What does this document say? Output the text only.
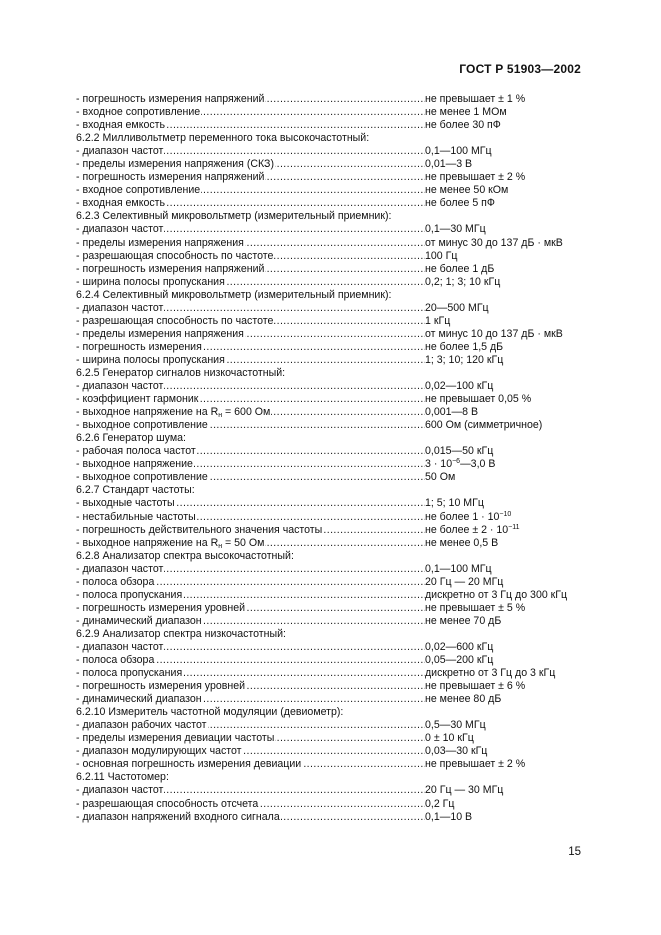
ГОСТ Р 51903—2002
- погрешность измерения напряжений .....	не превышает ± 1 %
- входное сопротивление .....	не менее 1 МОм
- входная емкость .....	не более 30 пФ
6.2.2 Милливольтметр переменного тока высокочастотный:
- диапазон частот .....	0,1—100 МГц
- пределы измерения напряжения (СКЗ) .....	0,01—3 В
- погрешность измерения напряжений .....	не превышает ± 2 %
- входное сопротивление .....	не менее 50 кОм
- входная емкость .....	не более 5 пФ
6.2.3 Селективный микровольтметр (измерительный приемник):
- диапазон частот .....	0,1—30 МГц
- пределы измерения напряжения .....	от минус 30 до 137 дБ · мкВ
- разрешающая способность по частоте .....	100 Гц
- погрешность измерения напряжений .....	не более 1 дБ
- ширина полосы пропускания .....	0,2; 1; 3; 10 кГц
6.2.4 Селективный микровольтметр (измерительный приемник):
- диапазон частот .....	20—500 МГц
- разрешающая способность по частоте .....	1 кГц
- пределы измерения напряжения .....	от минус 10 до 137 дБ · мкВ
- погрешность измерения .....	не более 1,5 дБ
- ширина полосы пропускания .....	1; 3; 10; 120 кГц
6.2.5 Генератор сигналов низкочастотный:
- диапазон частот .....	0,02—100 кГц
- коэффициент гармоник .....	не превышает 0,05 %
- выходное напряжение на $R_н = 600$ Ом .....	0,001—8 В
- выходное сопротивление .....	600 Ом (симметричное)
6.2.6 Генератор шума:
- рабочая полоса частот .....	0,015—50 кГц
- выходное напряжение .....	$3 \cdot 10^{-6}—3,0$ В
- выходное сопротивление .....	50 Ом
6.2.7 Стандарт частоты:
- выходные частоты .....	1; 5; 10 МГц
- нестабильные частоты .....	не более $1 \cdot 10^{-10}$
- погрешность действительного значения частоты .....	не более ± $2 \cdot 10^{-11}$
- выходное напряжение на $R_н = 50$ Ом .....	не менее 0,5 В
6.2.8 Анализатор спектра высокочастотный:
- диапазон частот .....	0,1—100 МГц
- полоса обзора .....	20 Гц — 20 МГц
- полоса пропускания .....	дискретно от 3 Гц до 300 кГц
- погрешность измерения уровней .....	не превышает ± 5 %
- динамический диапазон .....	не менее 70 дБ
6.2.9 Анализатор спектра низкочастотный:
- диапазон частот .....	0,02—600 кГц
- полоса обзора .....	0,05—200 кГц
- полоса пропускания .....	дискретно от 3 Гц до 3 кГц
- погрешность измерения уровней .....	не превышает ± 6 %
- динамический диапазон .....	не менее 80 дБ
6.2.10 Измеритель частотной модуляции (девиометр):
- диапазон рабочих частот .....	0,5—30 МГц
- пределы измерения девиации частоты .....	0 ± 10 кГц
- диапазон модулирующих частот .....	0,03—30 кГц
- основная погрешность измерения девиации .....	не превышает ± 2 %
6.2.11 Частотомер:
- диапазон частот .....	20 Гц — 30 МГц
- разрешающая способность отсчета .....	0,2 Гц
- диапазон напряжений входного сигнала .....	0,1—10 В
15
